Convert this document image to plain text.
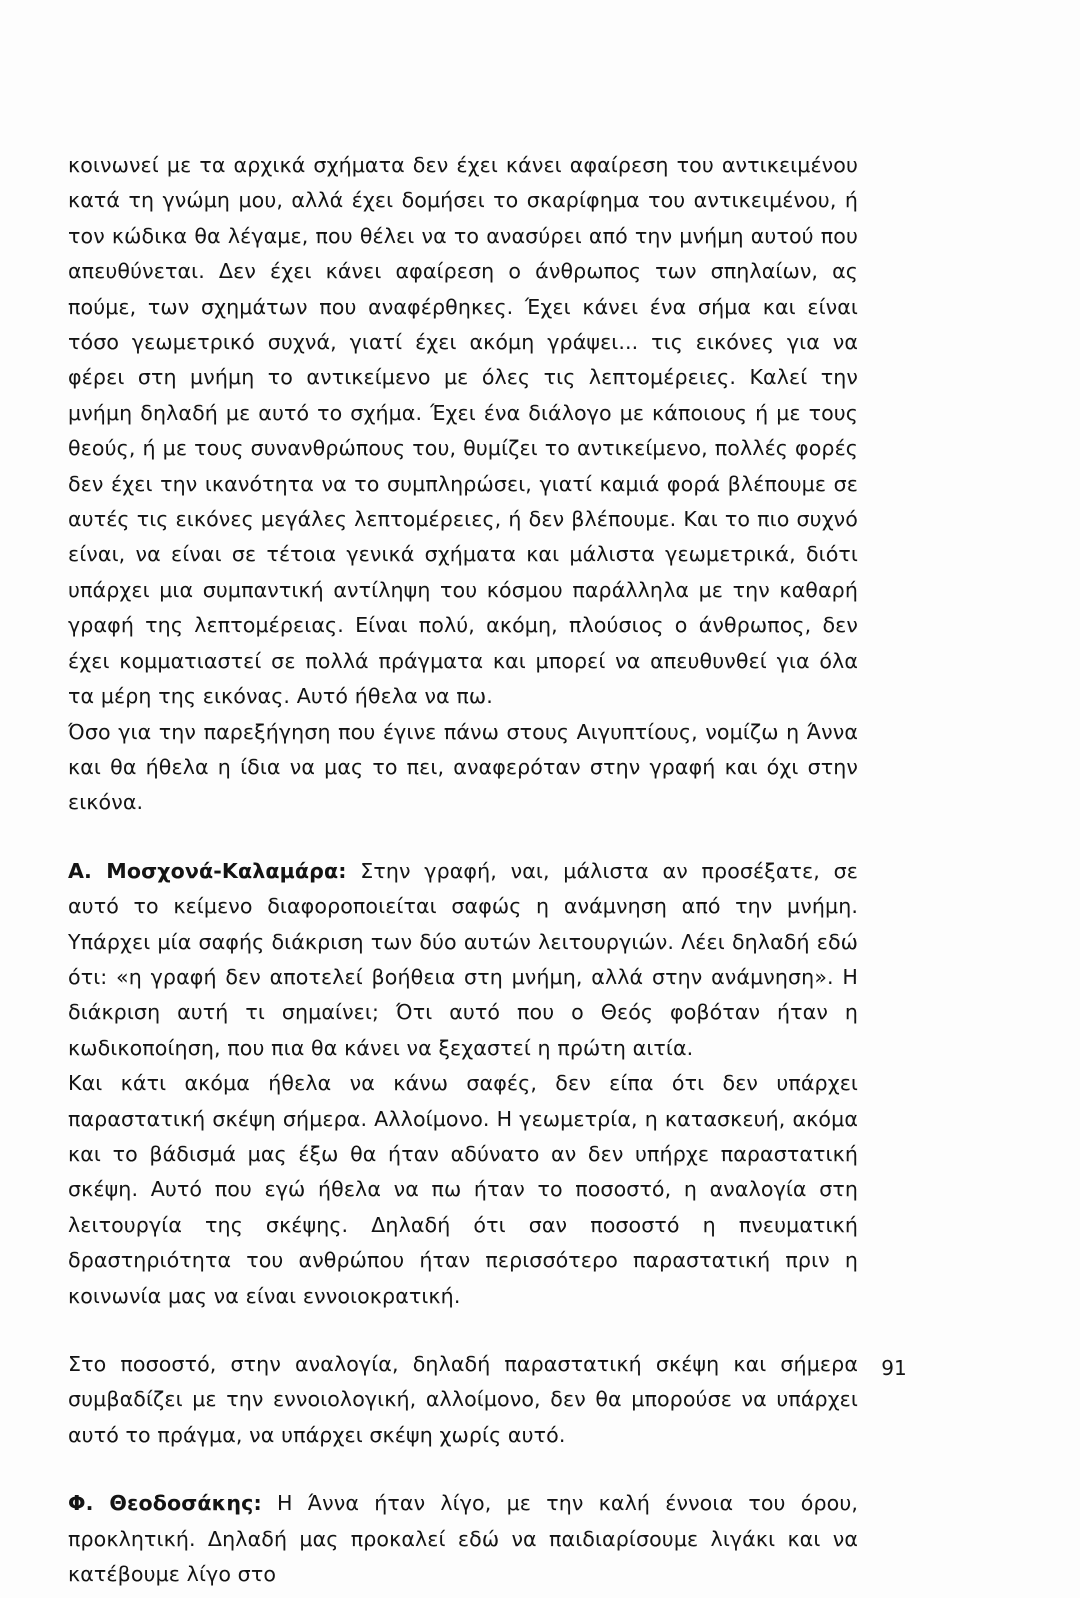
κοινωνεί με τα αρχικά σχήματα δεν έχει κάνει αφαίρεση του αντικειμένου κατά τη γνώμη μου, αλλά έχει δομήσει το σκαρίφημα του αντικειμένου, ή τον κώδικα θα λέγαμε, που θέλει να το ανασύρει από την μνήμη αυτού που απευθύνεται. Δεν έχει κάνει αφαίρεση ο άνθρωπος των σπηλαίων, ας πούμε, των σχημάτων που αναφέρθηκες. Έχει κάνει ένα σήμα και είναι τόσο γεωμετρικό συχνά, γιατί έχει ακόμη γράψει... τις εικόνες για να φέρει στη μνήμη το αντικείμενο με όλες τις λεπτομέρειες. Καλεί την μνήμη δηλαδή με αυτό το σχήμα. Έχει ένα διάλογο με κάποιους ή με τους θεούς, ή με τους συνανθρώπους του, θυμίζει το αντικείμενο, πολλές φορές δεν έχει την ικανότητα να το συμπληρώσει, γιατί καμιά φορά βλέπουμε σε αυτές τις εικόνες μεγάλες λεπτομέρειες, ή δεν βλέπουμε. Και το πιο συχνό είναι, να είναι σε τέτοια γενικά σχήματα και μάλιστα γεωμετρικά, διότι υπάρχει μια συμπαντική αντίληψη του κόσμου παράλληλα με την καθαρή γραφή της λεπτομέρειας. Είναι πολύ, ακόμη, πλούσιος ο άνθρωπος, δεν έχει κομματιαστεί σε πολλά πράγματα και μπορεί να απευθυνθεί για όλα τα μέρη της εικόνας. Αυτό ήθελα να πω.

Όσο για την παρεξήγηση που έγινε πάνω στους Αιγυπτίους, νομίζω η Άννα και θα ήθελα η ίδια να μας το πει, αναφερόταν στην γραφή και όχι στην εικόνα.

Α. Μοσχονά-Καλαμάρα: Στην γραφή, ναι, μάλιστα αν προσέξατε, σε αυτό το κείμενο διαφοροποιείται σαφώς η ανάμνηση από την μνήμη. Υπάρχει μία σαφής διάκριση των δύο αυτών λειτουργιών. Λέει δηλαδή εδώ ότι: «η γραφή δεν αποτελεί βοήθεια στη μνήμη, αλλά στην ανάμνηση». Η διάκριση αυτή τι σημαίνει; Ότι αυτό που ο Θεός φοβόταν ήταν η κωδικοποίηση, που πια θα κάνει να ξεχαστεί η πρώτη αιτία.

Και κάτι ακόμα ήθελα να κάνω σαφές, δεν είπα ότι δεν υπάρχει παραστατική σκέψη σήμερα. Αλλοίμονο. Η γεωμετρία, η κατασκευή, ακόμα και το βάδισμά μας έξω θα ήταν αδύνατο αν δεν υπήρχε παραστατική σκέψη. Αυτό που εγώ ήθελα να πω ήταν το ποσοστό, η αναλογία στη λειτουργία της σκέψης. Δηλαδή ότι σαν ποσοστό η πνευματική δραστηριότητα του ανθρώπου ήταν περισσότερο παραστατική πριν η κοινωνία μας να είναι εννοιοκρατική.

Στο ποσοστό, στην αναλογία, δηλαδή παραστατική σκέψη και σήμερα συμβαδίζει με την εννοιολογική, αλλοίμονο, δεν θα μπορούσε να υπάρχει αυτό το πράγμα, να υπάρχει σκέψη χωρίς αυτό.

Φ. Θεοδοσάκης: Η Άννα ήταν λίγο, με την καλή έννοια του όρου, προκλητική. Δηλαδή μας προκαλεί εδώ να παιδιαρίσουμε λιγάκι και να κατέβουμε λίγο στο

91
